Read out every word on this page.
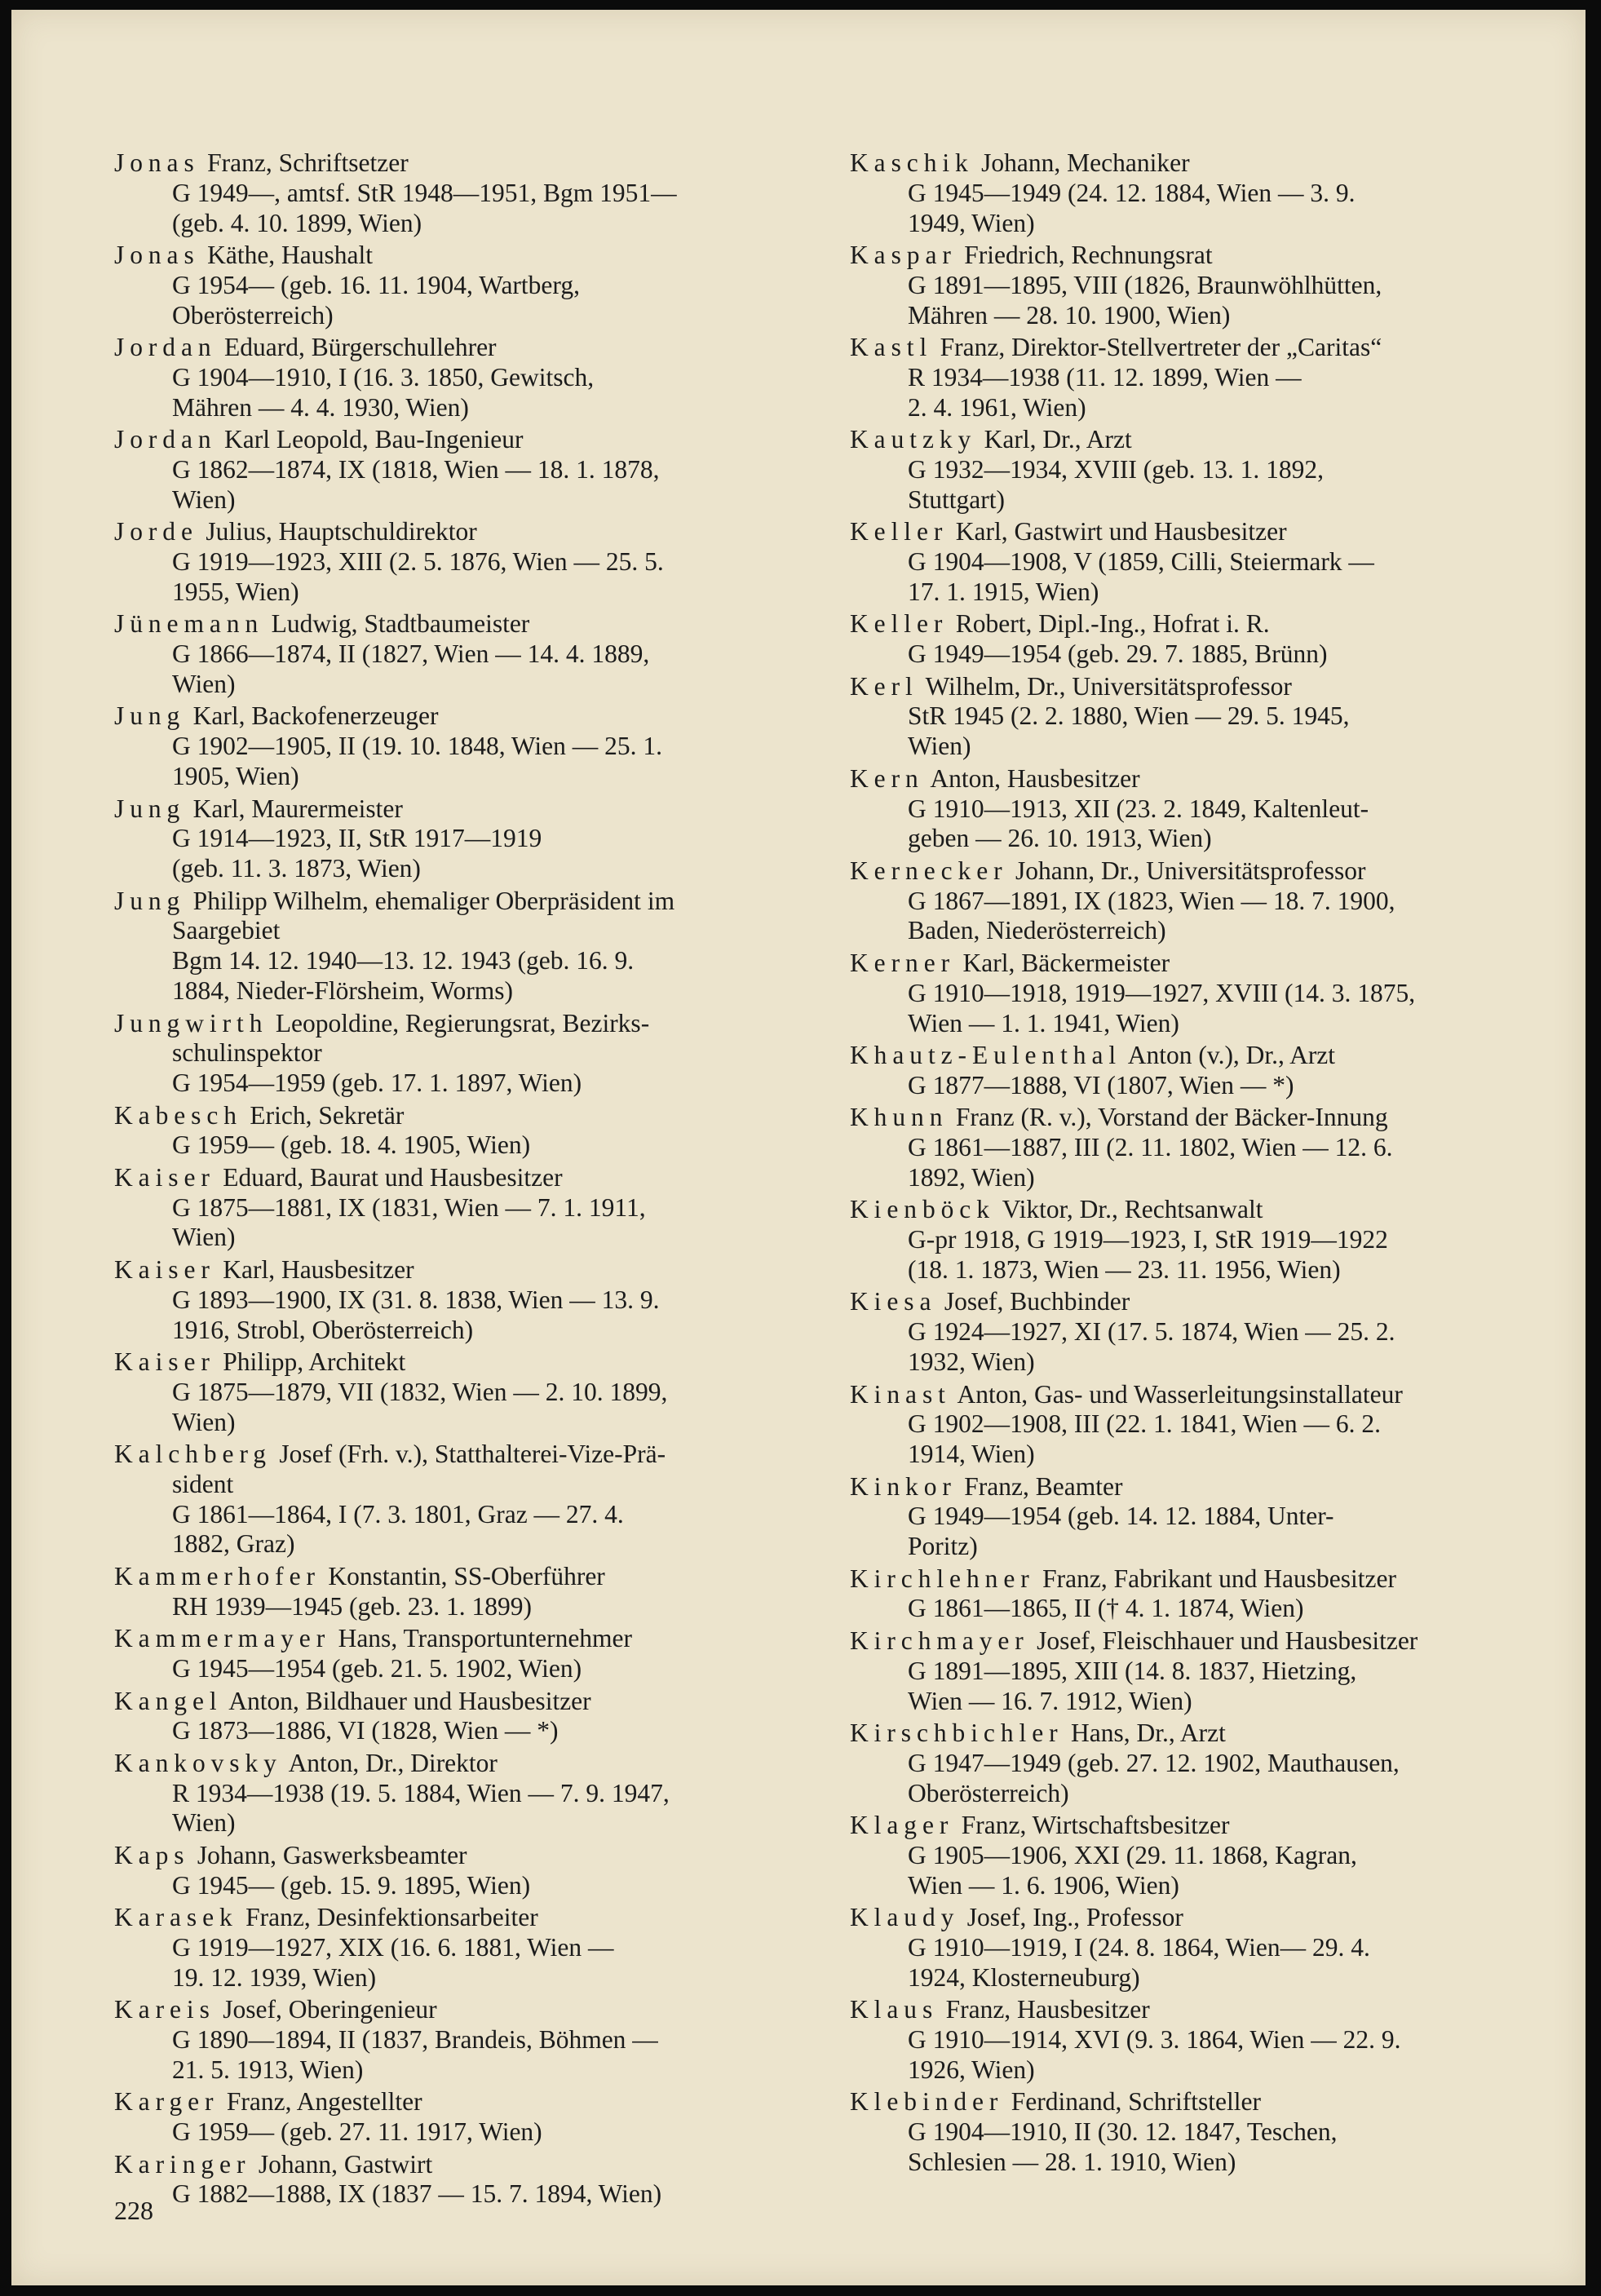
Jonas Franz, Schriftsetzer
G 1949—, amtsf. StR 1948—1951, Bgm 1951—
(geb. 4. 10. 1899, Wien)
Jonas Käthe, Haushalt
G 1954— (geb. 16. 11. 1904, Wartberg,
Oberösterreich)
Jordan Eduard, Bürgerschullehrer
G 1904—1910, I (16. 3. 1850, Gewitsch,
Mähren — 4. 4. 1930, Wien)
Jordan Karl Leopold, Bau-Ingenieur
G 1862—1874, IX (1818, Wien — 18. 1. 1878,
Wien)
Jorde Julius, Hauptschuldirektor
G 1919—1923, XIII (2. 5. 1876, Wien — 25. 5.
1955, Wien)
Jünemann Ludwig, Stadtbaumeister
G 1866—1874, II (1827, Wien — 14. 4. 1889,
Wien)
Jung Karl, Backofenerzeuger
G 1902—1905, II (19. 10. 1848, Wien — 25. 1.
1905, Wien)
Jung Karl, Maurermeister
G 1914—1923, II, StR 1917—1919
(geb. 11. 3. 1873, Wien)
Jung Philipp Wilhelm, ehemaliger Oberpräsident im
Saargebiet
Bgm 14. 12. 1940—13. 12. 1943 (geb. 16. 9.
1884, Nieder-Flörsheim, Worms)
Jungwirth Leopoldine, Regierungsrat, Bezirks-
schulinspektor
G 1954—1959 (geb. 17. 1. 1897, Wien)
Kabesch Erich, Sekretär
G 1959— (geb. 18. 4. 1905, Wien)
Kaiser Eduard, Baurat und Hausbesitzer
G 1875—1881, IX (1831, Wien — 7. 1. 1911,
Wien)
Kaiser Karl, Hausbesitzer
G 1893—1900, IX (31. 8. 1838, Wien — 13. 9.
1916, Strobl, Oberösterreich)
Kaiser Philipp, Architekt
G 1875—1879, VII (1832, Wien — 2. 10. 1899,
Wien)
Kalchberg Josef (Frh. v.), Statthalterei-Vize-Prä-
sident
G 1861—1864, I (7. 3. 1801, Graz — 27. 4.
1882, Graz)
Kammerhofer Konstantin, SS-Oberführer
RH 1939—1945 (geb. 23. 1. 1899)
Kammermayer Hans, Transportunternehmer
G 1945—1954 (geb. 21. 5. 1902, Wien)
Kangel Anton, Bildhauer und Hausbesitzer
G 1873—1886, VI (1828, Wien — *)
Kankovsky Anton, Dr., Direktor
R 1934—1938 (19. 5. 1884, Wien — 7. 9. 1947,
Wien)
Kaps Johann, Gaswerksbeamter
G 1945— (geb. 15. 9. 1895, Wien)
Karasek Franz, Desinfektionsarbeiter
G 1919—1927, XIX (16. 6. 1881, Wien —
19. 12. 1939, Wien)
Kareis Josef, Oberingenieur
G 1890—1894, II (1837, Brandeis, Böhmen —
21. 5. 1913, Wien)
Karger Franz, Angestellter
G 1959— (geb. 27. 11. 1917, Wien)
Karinger Johann, Gastwirt
G 1882—1888, IX (1837 — 15. 7. 1894, Wien)
Kaschik Johann, Mechaniker
G 1945—1949 (24. 12. 1884, Wien — 3. 9.
1949, Wien)
Kaspar Friedrich, Rechnungsrat
G 1891—1895, VIII (1826, Braunwöhlhütten,
Mähren — 28. 10. 1900, Wien)
Kastl Franz, Direktor-Stellvertreter der „Caritas“
R 1934—1938 (11. 12. 1899, Wien —
2. 4. 1961, Wien)
Kautzky Karl, Dr., Arzt
G 1932—1934, XVIII (geb. 13. 1. 1892,
Stuttgart)
Keller Karl, Gastwirt und Hausbesitzer
G 1904—1908, V (1859, Cilli, Steiermark —
17. 1. 1915, Wien)
Keller Robert, Dipl.-Ing., Hofrat i. R.
G 1949—1954 (geb. 29. 7. 1885, Brünn)
Kerl Wilhelm, Dr., Universitätsprofessor
StR 1945 (2. 2. 1880, Wien — 29. 5. 1945,
Wien)
Kern Anton, Hausbesitzer
G 1910—1913, XII (23. 2. 1849, Kaltenleut-
geben — 26. 10. 1913, Wien)
Kernecker Johann, Dr., Universitätsprofessor
G 1867—1891, IX (1823, Wien — 18. 7. 1900,
Baden, Niederösterreich)
Kerner Karl, Bäckermeister
G 1910—1918, 1919—1927, XVIII (14. 3. 1875,
Wien — 1. 1. 1941, Wien)
Khautz-Eulenthal Anton (v.), Dr., Arzt
G 1877—1888, VI (1807, Wien — *)
Khunn Franz (R. v.), Vorstand der Bäcker-Innung
G 1861—1887, III (2. 11. 1802, Wien — 12. 6.
1892, Wien)
Kienböck Viktor, Dr., Rechtsanwalt
G-pr 1918, G 1919—1923, I, StR 1919—1922
(18. 1. 1873, Wien — 23. 11. 1956, Wien)
Kiesa Josef, Buchbinder
G 1924—1927, XI (17. 5. 1874, Wien — 25. 2.
1932, Wien)
Kinast Anton, Gas- und Wasserleitungsinstallateur
G 1902—1908, III (22. 1. 1841, Wien — 6. 2.
1914, Wien)
Kinkor Franz, Beamter
G 1949—1954 (geb. 14. 12. 1884, Unter-
Poritz)
Kirchlehner Franz, Fabrikant und Hausbesitzer
G 1861—1865, II († 4. 1. 1874, Wien)
Kirchmayer Josef, Fleischhauer und Hausbesitzer
G 1891—1895, XIII (14. 8. 1837, Hietzing,
Wien — 16. 7. 1912, Wien)
Kirschbichler Hans, Dr., Arzt
G 1947—1949 (geb. 27. 12. 1902, Mauthausen,
Oberösterreich)
Klager Franz, Wirtschaftsbesitzer
G 1905—1906, XXI (29. 11. 1868, Kagran,
Wien — 1. 6. 1906, Wien)
Klaudy Josef, Ing., Professor
G 1910—1919, I (24. 8. 1864, Wien— 29. 4.
1924, Klosterneuburg)
Klaus Franz, Hausbesitzer
G 1910—1914, XVI (9. 3. 1864, Wien — 22. 9.
1926, Wien)
Klebinder Ferdinand, Schriftsteller
G 1904—1910, II (30. 12. 1847, Teschen,
Schlesien — 28. 1. 1910, Wien)
228
